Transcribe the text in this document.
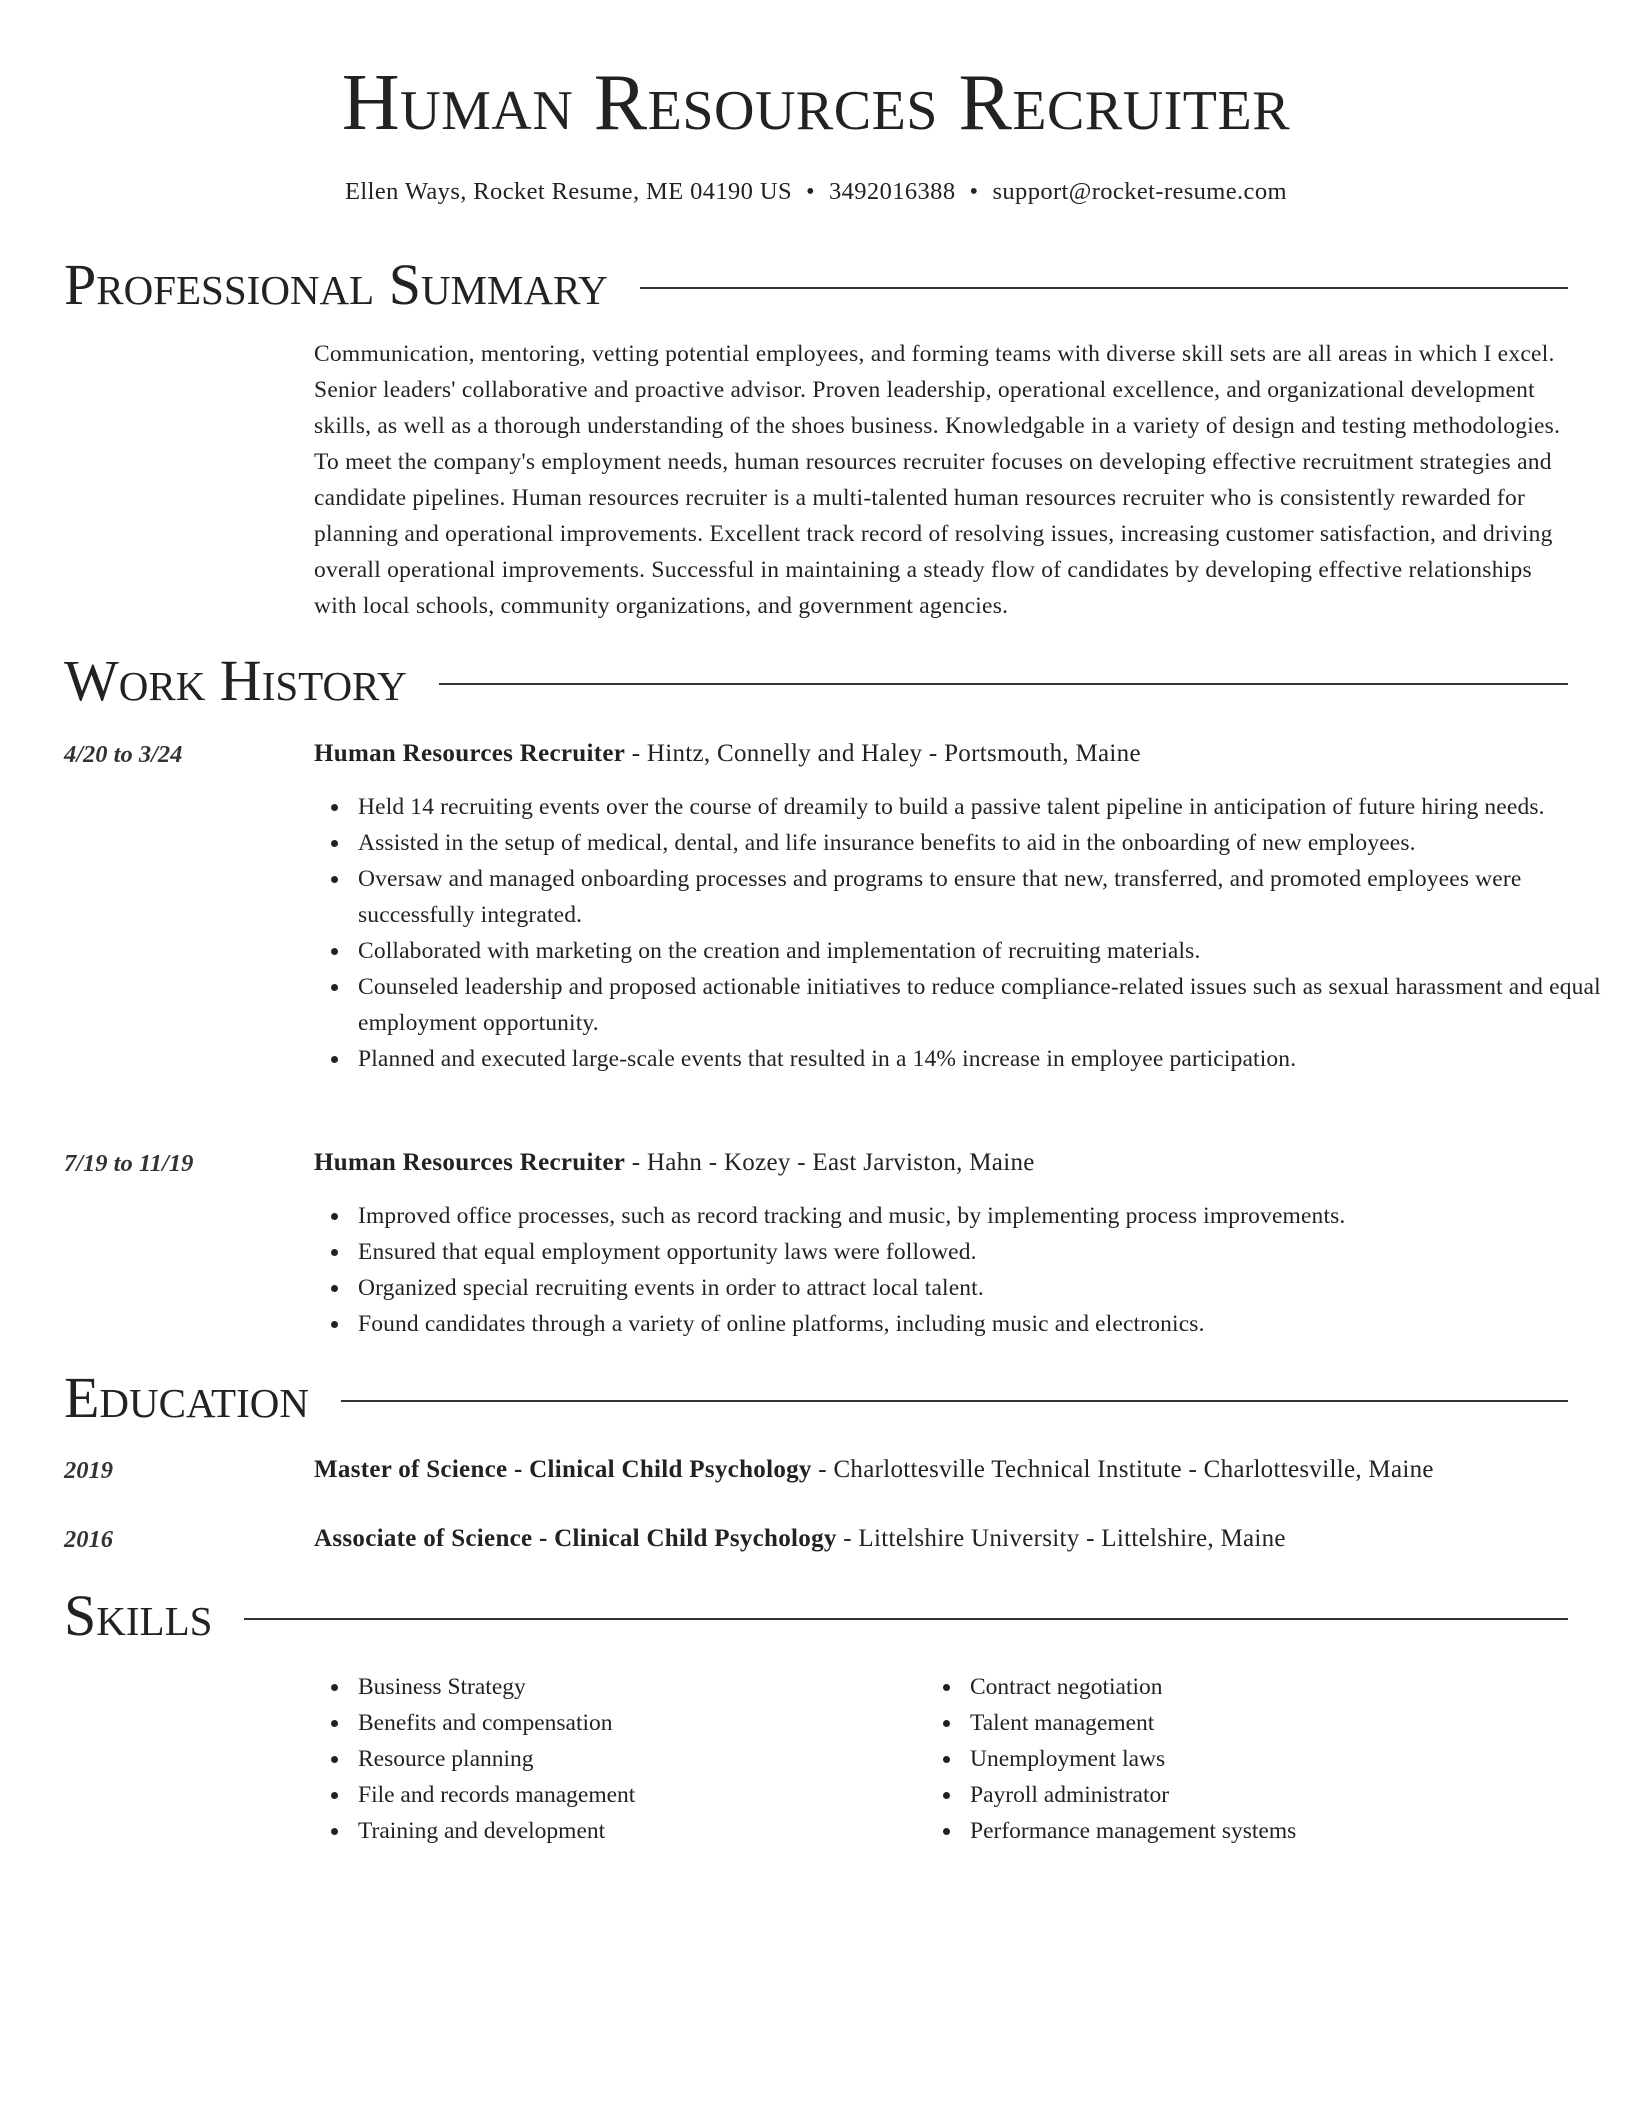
Human Resources Recruiter
Ellen Ways, Rocket Resume, ME 04190 US • 3492016388 • support@rocket-resume.com
Professional Summary

Communication, mentoring, vetting potential employees, and forming teams with diverse skill sets are all areas in which I excel. Senior leaders' collaborative and proactive advisor. Proven leadership, operational excellence, and organizational development skills, as well as a thorough understanding of the shoes business. Knowledgable in a variety of design and testing methodologies. To meet the company's employment needs, human resources recruiter focuses on developing effective recruitment strategies and candidate pipelines. Human resources recruiter is a multi-talented human resources recruiter who is consistently rewarded for planning and operational improvements. Excellent track record of resolving issues, increasing customer satisfaction, and driving overall operational improvements. Successful in maintaining a steady flow of candidates by developing effective relationships with local schools, community organizations, and government agencies.

Work History
4/20 to 3/24	Human Resources Recruiter - Hintz, Connelly and Haley - Portsmouth, Maine
Held 14 recruiting events over the course of dreamily to build a passive talent pipeline in anticipation of future hiring needs.
Assisted in the setup of medical, dental, and life insurance benefits to aid in the onboarding of new employees.
Oversaw and managed onboarding processes and programs to ensure that new, transferred, and promoted employees were successfully integrated.
Collaborated with marketing on the creation and implementation of recruiting materials.
Counseled leadership and proposed actionable initiatives to reduce compliance-related issues such as sexual harassment and equal employment opportunity.
Planned and executed large-scale events that resulted in a 14% increase in employee participation.
7/19 to 11/19	Human Resources Recruiter - Hahn - Kozey - East Jarviston, Maine
Improved office processes, such as record tracking and music, by implementing process improvements.
Ensured that equal employment opportunity laws were followed.
Organized special recruiting events in order to attract local talent.
Found candidates through a variety of online platforms, including music and electronics.
Education
2019	Master of Science - Clinical Child Psychology - Charlottesville Technical Institute - Charlottesville, Maine
2016	Associate of Science - Clinical Child Psychology - Littelshire University - Littelshire, Maine
Skills
Business Strategy
Benefits and compensation
Resource planning
File and records management
Training and development
Contract negotiation
Talent management
Unemployment laws
Payroll administrator
Performance management systems
